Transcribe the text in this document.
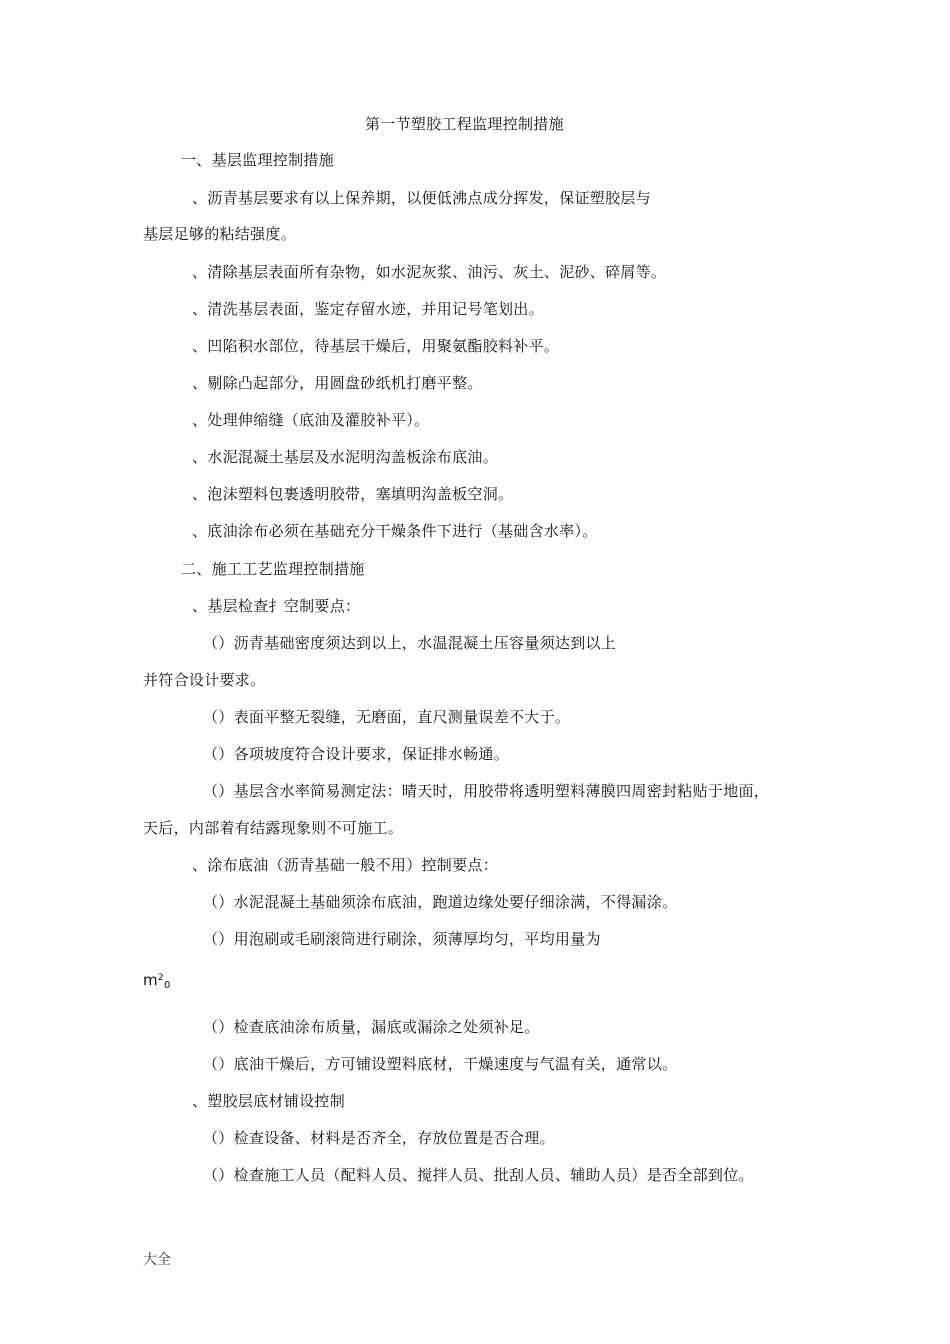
第一节塑胶工程监理控制措施
一、基层监理控制措施
、沥青基层要求有以上保养期，以便低沸点成分挥发，保证塑胶层与
基层足够的粘结强度。
、清除基层表面所有杂物，如水泥灰浆、油污、灰土、泥砂、碎屑等。
、清洗基层表面，鉴定存留水迹，并用记号笔划出。
、凹陷积水部位，待基层干燥后，用聚氨酯胶料补平。
、剔除凸起部分，用圆盘砂纸机打磨平整。
、处理伸缩缝（底油及灌胶补平）。
、水泥混凝土基层及水泥明沟盖板涂布底油。
、泡沫塑料包裹透明胶带，塞填明沟盖板空洞。
、底油涂布必须在基础充分干燥条件下进行（基础含水率）。
二、施工工艺监理控制措施
、基层检查扌空制要点：
（）沥青基础密度须达到以上，水温混凝土压容量须达到以上
并符合设计要求。
（）表面平整无裂缝，无磨面，直尺测量误差不大于。
（）各项坡度符合设计要求，保证排水畅通。
（）基层含水率简易测定法：晴天时，用胶带将透明塑料薄膜四周密封粘贴于地面，
天后，内部着有结露现象则不可施工。
、涂布底油（沥青基础一般不用）控制要点：
（）水泥混凝土基础须涂布底油，跑道边缘处要仔细涂满，不得漏涂。
（）用泡刷或毛刷滚筒进行刷涂，须薄厚均匀，平均用量为
$m^2_0$
（）检查底油涂布质量，漏底或漏涂之处须补足。
（）底油干燥后，方可铺设塑料底材，干燥速度与气温有关，通常以。
、塑胶层底材铺设控制
（）检查设备、材料是否齐全，存放位置是否合理。
（）检查施工人员（配料人员、搅拌人员、批刮人员、辅助人员）是否全部到位。
大全
